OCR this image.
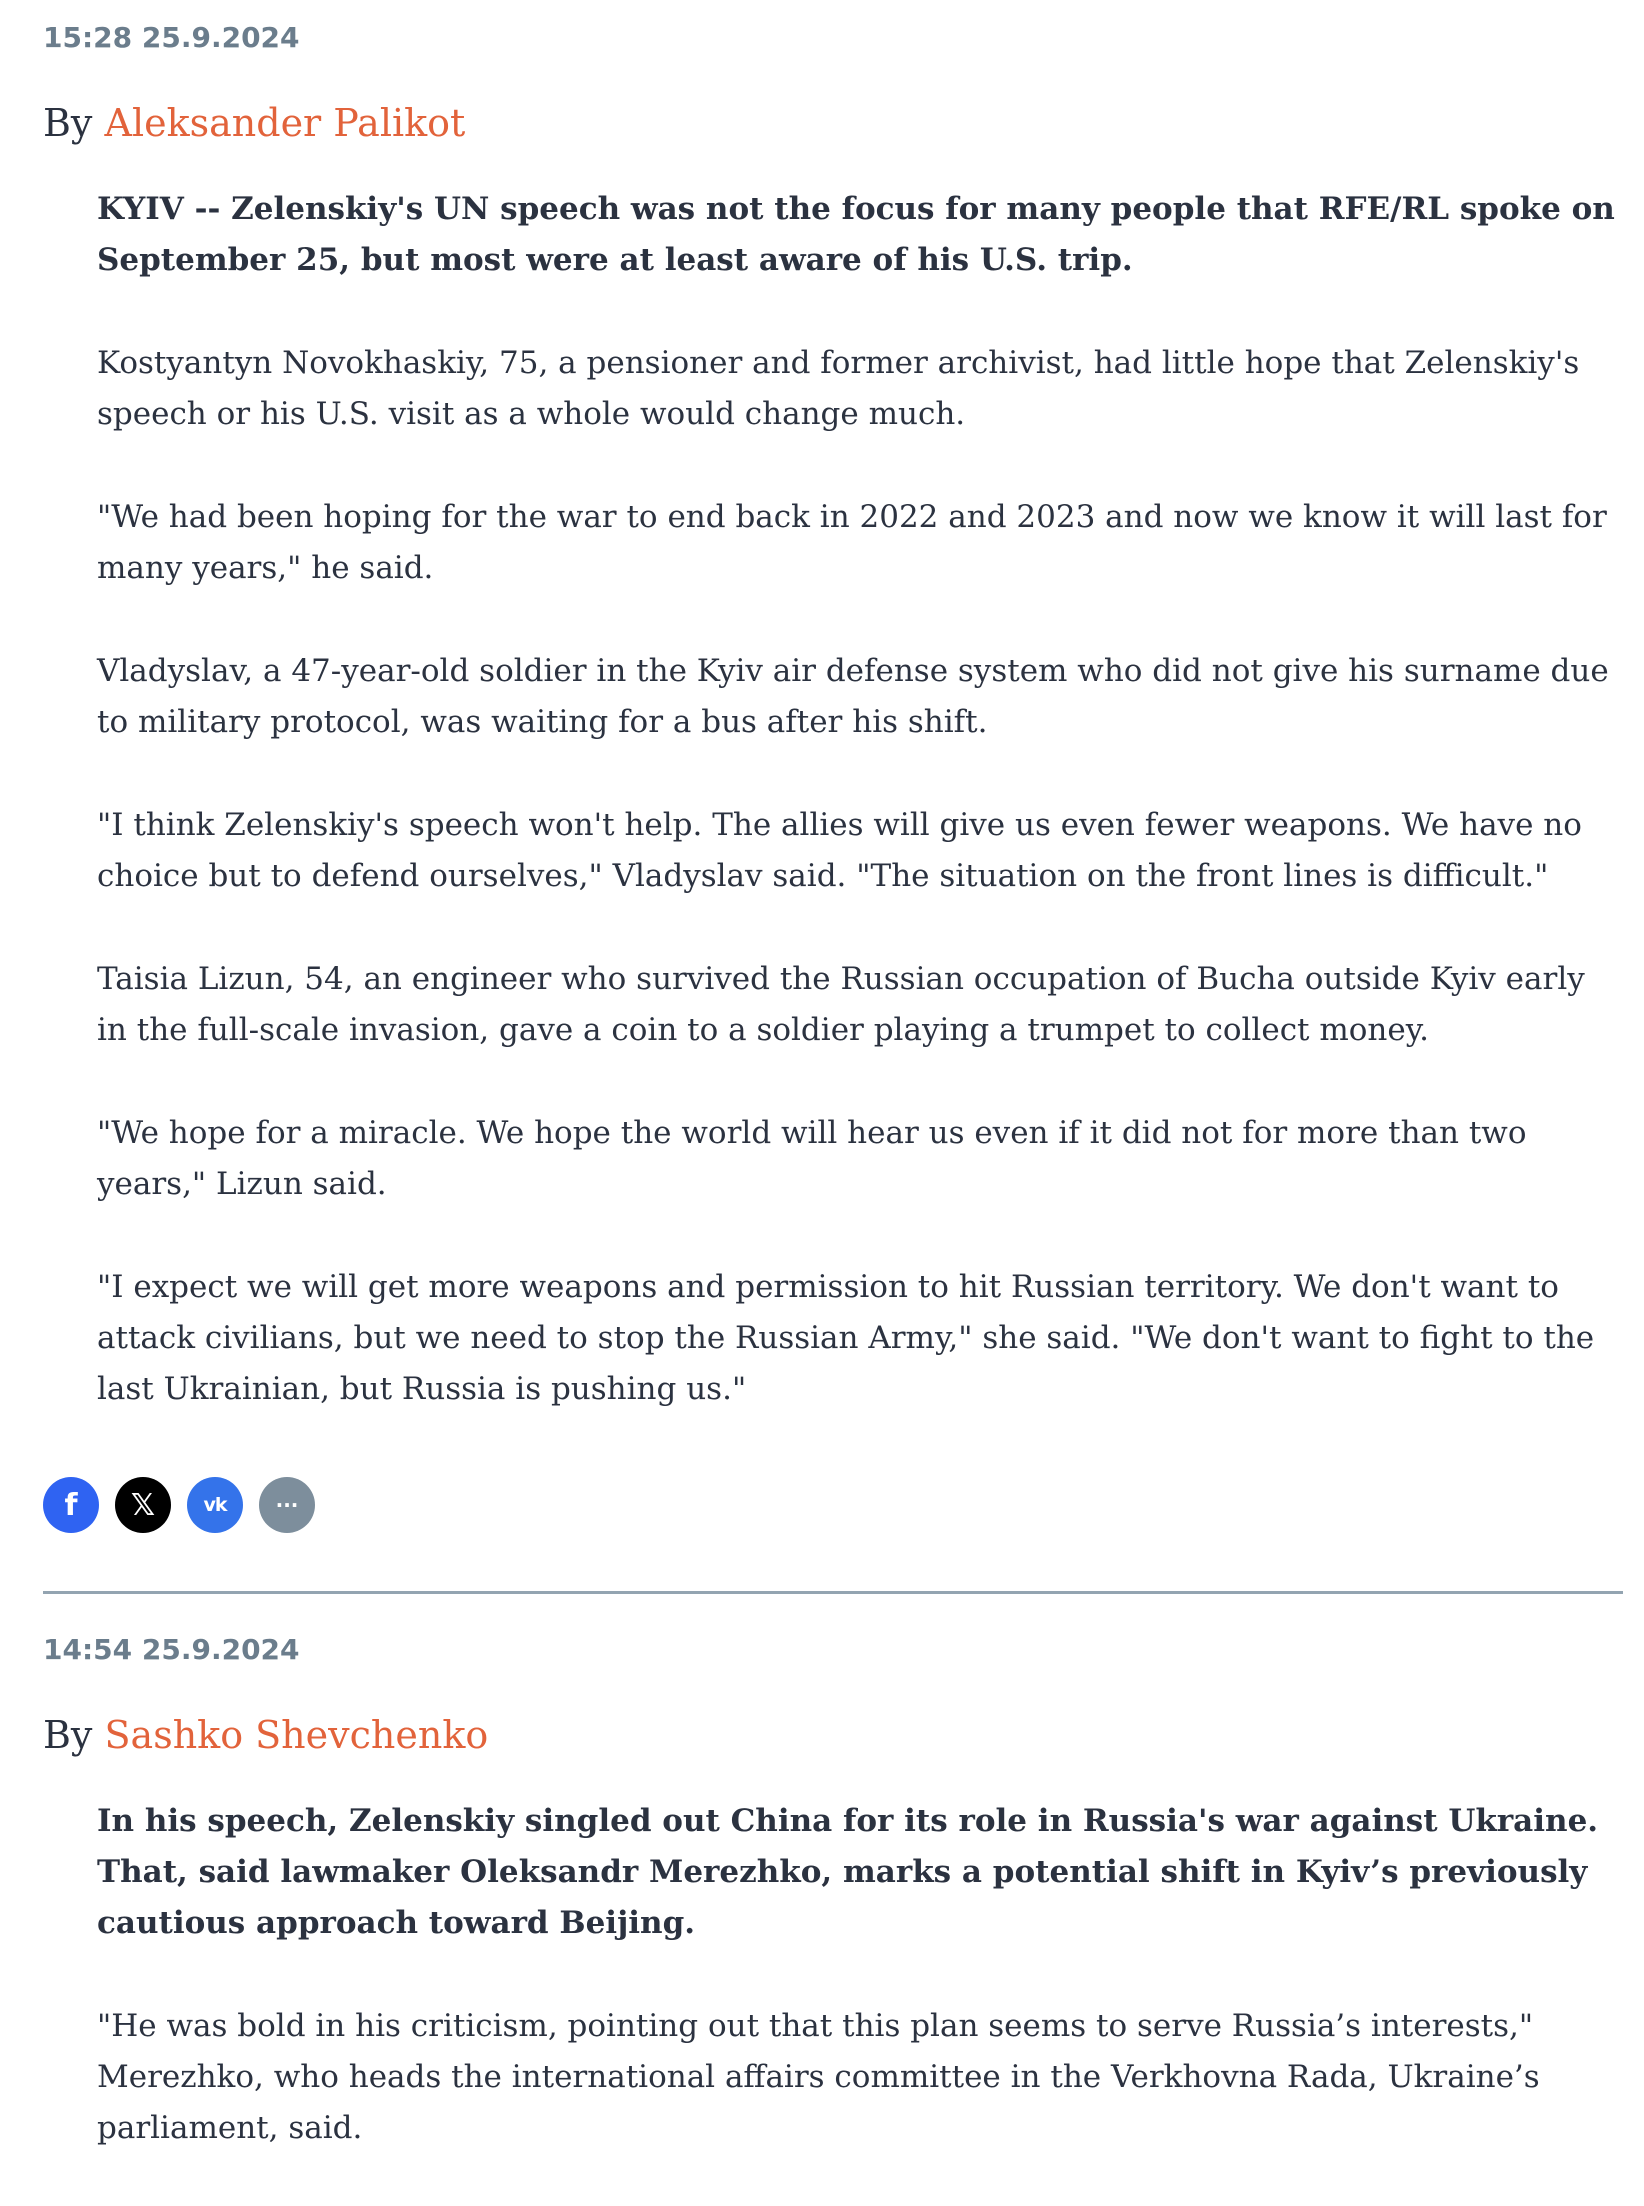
15:28 25.9.2024
By Aleksander Palikot

KYIV -- Zelenskiy's UN speech was not the focus for many people that RFE/RL spoke on September 25, but most were at least aware of his U.S. trip.

Kostyantyn Novokhaskiy, 75, a pensioner and former archivist, had little hope that Zelenskiy's speech or his U.S. visit as a whole would change much.

"We had been hoping for the war to end back in 2022 and 2023 and now we know it will last for many years," he said.

Vladyslav, a 47-year-old soldier in the Kyiv air defense system who did not give his surname due to military protocol, was waiting for a bus after his shift.

"I think Zelenskiy's speech won't help. The allies will give us even fewer weapons. We have no choice but to defend ourselves," Vladyslav said. "The situation on the front lines is difficult."

Taisia Lizun, 54, an engineer who survived the Russian occupation of Bucha outside Kyiv early in the full-scale invasion, gave a coin to a soldier playing a trumpet to collect money.

"We hope for a miracle. We hope the world will hear us even if it did not for more than two years," Lizun said.

"I expect we will get more weapons and permission to hit Russian territory. We don't want to attack civilians, but we need to stop the Russian Army," she said. "We don't want to fight to the last Ukrainian, but Russia is pushing us."

f 𝕏	vk ···
14:54 25.9.2024
By Sashko Shevchenko

In his speech, Zelenskiy singled out China for its role in Russia's war against Ukraine. That, said lawmaker Oleksandr Merezhko, marks a potential shift in Kyiv’s previously cautious approach toward Beijing.

"He was bold in his criticism, pointing out that this plan seems to serve Russia’s interests," Merezhko, who heads the international affairs committee in the Verkhovna Rada, Ukraine’s parliament, said.
